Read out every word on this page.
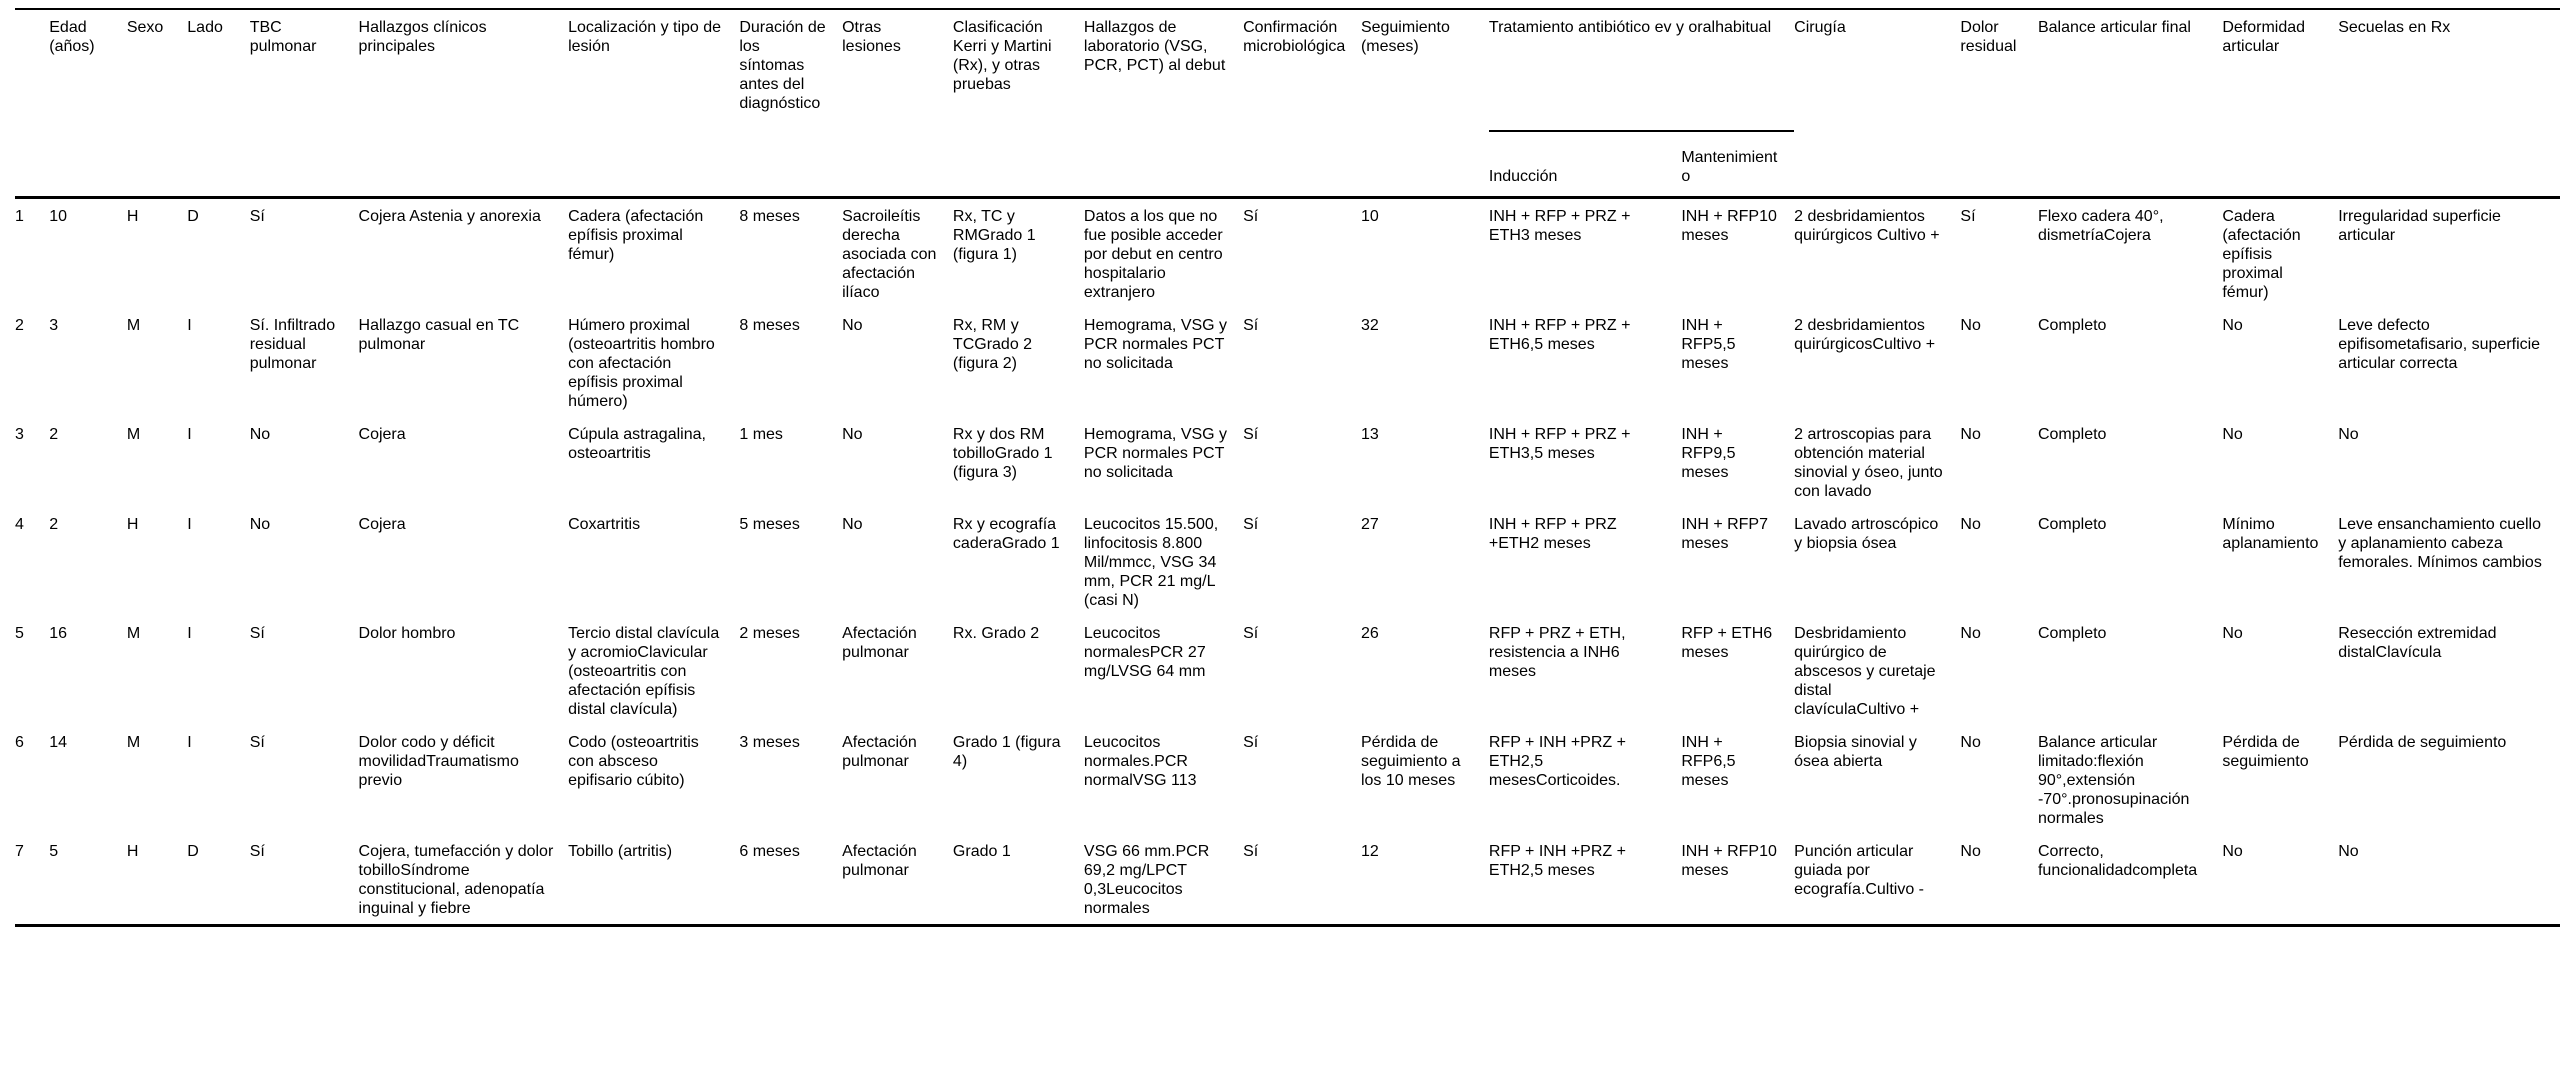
	Edad (años)	Sexo	Lado	TBC pulmonar	Hallazgos clínicos principales	Localización y tipo de lesión	Duración de los síntomas antes del diagnóstico	Otras lesiones	Clasificación Kerri y Martini (Rx), y otras pruebas	Hallazgos de laboratorio (VSG, PCR, PCT) al debut	Confirmación microbiológica	Seguimiento (meses)	Tratamiento antibiótico ev y oralhabitual		Cirugía	Dolor residual	Balance articular final	Deformidad articular	Secuelas en Rx
													Inducción	Mantenimiento					
1	10	H	D	Sí	Cojera Astenia y anorexia	Cadera (afectación epífisis proximal fémur)	8 meses	Sacroileítis derecha asociada con afectación ilíaco	Rx, TC y RMGrado 1 (figura 1)	Datos a los que no fue posible acceder por debut en centro hospitalario extranjero	Sí	10	INH + RFP + PRZ + ETH3 meses	INH + RFP10 meses	2 desbridamientos quirúrgicos Cultivo +	Sí	Flexo cadera 40°, dismetríaCojera	Cadera (afectación epífisis proximal fémur)	Irregularidad superficie articular
2	3	M	I	Sí. Infiltrado residual pulmonar	Hallazgo casual en TC pulmonar	Húmero proximal (osteoartritis hombro con afectación epífisis proximal húmero)	8 meses	No	Rx, RM y TCGrado 2 (figura 2)	Hemograma, VSG y PCR normales PCT no solicitada	Sí	32	INH + RFP + PRZ + ETH6,5 meses	INH + RFP5,5 meses	2 desbridamientos quirúrgicosCultivo +	No	Completo	No	Leve defecto epifisometafisario, superficie articular correcta
3	2	M	I	No	Cojera	Cúpula astragalina, osteoartritis	1 mes	No	Rx y dos RM tobilloGrado 1 (figura 3)	Hemograma, VSG y PCR normales PCT no solicitada	Sí	13	INH + RFP + PRZ + ETH3,5 meses	INH + RFP9,5 meses	2 artroscopias para obtención material sinovial y óseo, junto con lavado	No	Completo	No	No
4	2	H	I	No	Cojera	Coxartritis	5 meses	No	Rx y ecografía caderaGrado 1	Leucocitos 15.500, linfocitosis 8.800 Mil/mmcc, VSG 34 mm, PCR 21 mg/L (casi N)	Sí	27	INH + RFP + PRZ +ETH2 meses	INH + RFP7 meses	Lavado artroscópico y biopsia ósea	No	Completo	Mínimo aplanamiento	Leve ensanchamiento cuello y aplanamiento cabeza femorales. Mínimos cambios
5	16	M	I	Sí	Dolor hombro	Tercio distal clavícula y acromioClavicular (osteoartritis con afectación epífisis distal clavícula)	2 meses	Afectación pulmonar	Rx. Grado 2	Leucocitos normalesPCR 27 mg/LVSG 64 mm	Sí	26	RFP + PRZ + ETH, resistencia a INH6 meses	RFP + ETH6 meses	Desbridamiento quirúrgico de abscesos y curetaje distal clavículaCultivo +	No	Completo	No	Resección extremidad distalClavícula
6	14	M	I	Sí	Dolor codo y déficit movilidadTraumatismo previo	Codo (osteoartritis con absceso epifisario cúbito)	3 meses	Afectación pulmonar	Grado 1 (figura 4)	Leucocitos normales.PCR normalVSG 113	Sí	Pérdida de seguimiento a los 10 meses	RFP + INH +PRZ + ETH2,5 mesesCorticoides.	INH + RFP6,5 meses	Biopsia sinovial y ósea abierta	No	Balance articular limitado:flexión 90°,extensión -70°.pronosupinación normales	Pérdida de seguimiento	Pérdida de seguimiento
7	5	H	D	Sí	Cojera, tumefacción y dolor tobilloSíndrome constitucional, adenopatía inguinal y fiebre	Tobillo (artritis)	6 meses	Afectación pulmonar	Grado 1	VSG 66 mm.PCR 69,2 mg/LPCT 0,3Leucocitos normales	Sí	12	RFP + INH +PRZ + ETH2,5 meses	INH + RFP10 meses	Punción articular guiada por ecografía.Cultivo -	No	Correcto, funcionalidadcompleta	No	No
